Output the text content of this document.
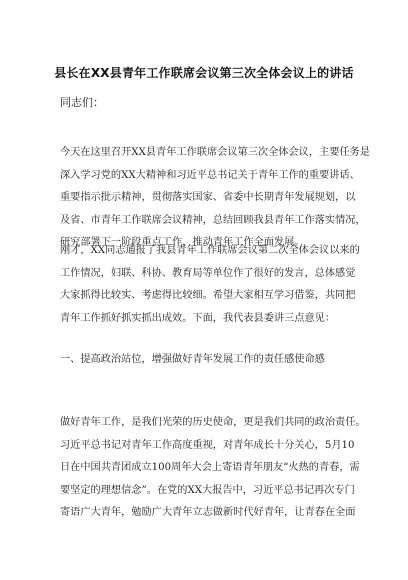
县长在XX县青年工作联席会议第三次全体会议上的讲话
同志们：
今天在这里召开XX县青年工作联席会议第三次全体会议，主要任务是
深入学习党的XX大精神和习近平总书记关于青年工作的重要讲话、
重要指示批示精神，贯彻落实国家、省委中长期青年发展规划，以
及省、市青年工作联席会议精神，总结回顾我县青年工作落实情况，
研究部署下一阶段重点工作，推动青年工作全面发展。
刚才，XX同志通报了我县青年工作联席会议第二次全体会议以来的
工作情况，妇联、科协、教育局等单位作了很好的发言，总体感觉
大家抓得比较实、考虑得比较细。希望大家相互学习借鉴，共同把
青年工作抓好抓实抓出成效。下面，我代表县委讲三点意见：
一、提高政治站位，增强做好青年发展工作的责任感使命感
做好青年工作，是我们光荣的历史使命，更是我们共同的政治责任。
习近平总书记对青年工作高度重视，对青年成长十分关心，5月10
日在中国共青团成立100周年大会上寄语青年朋友“火热的青春，需
要坚定的理想信念”。在党的XX大报告中，习近平总书记再次专门
寄语广大青年，勉励广大青年立志做新时代好青年，让青春在全面
